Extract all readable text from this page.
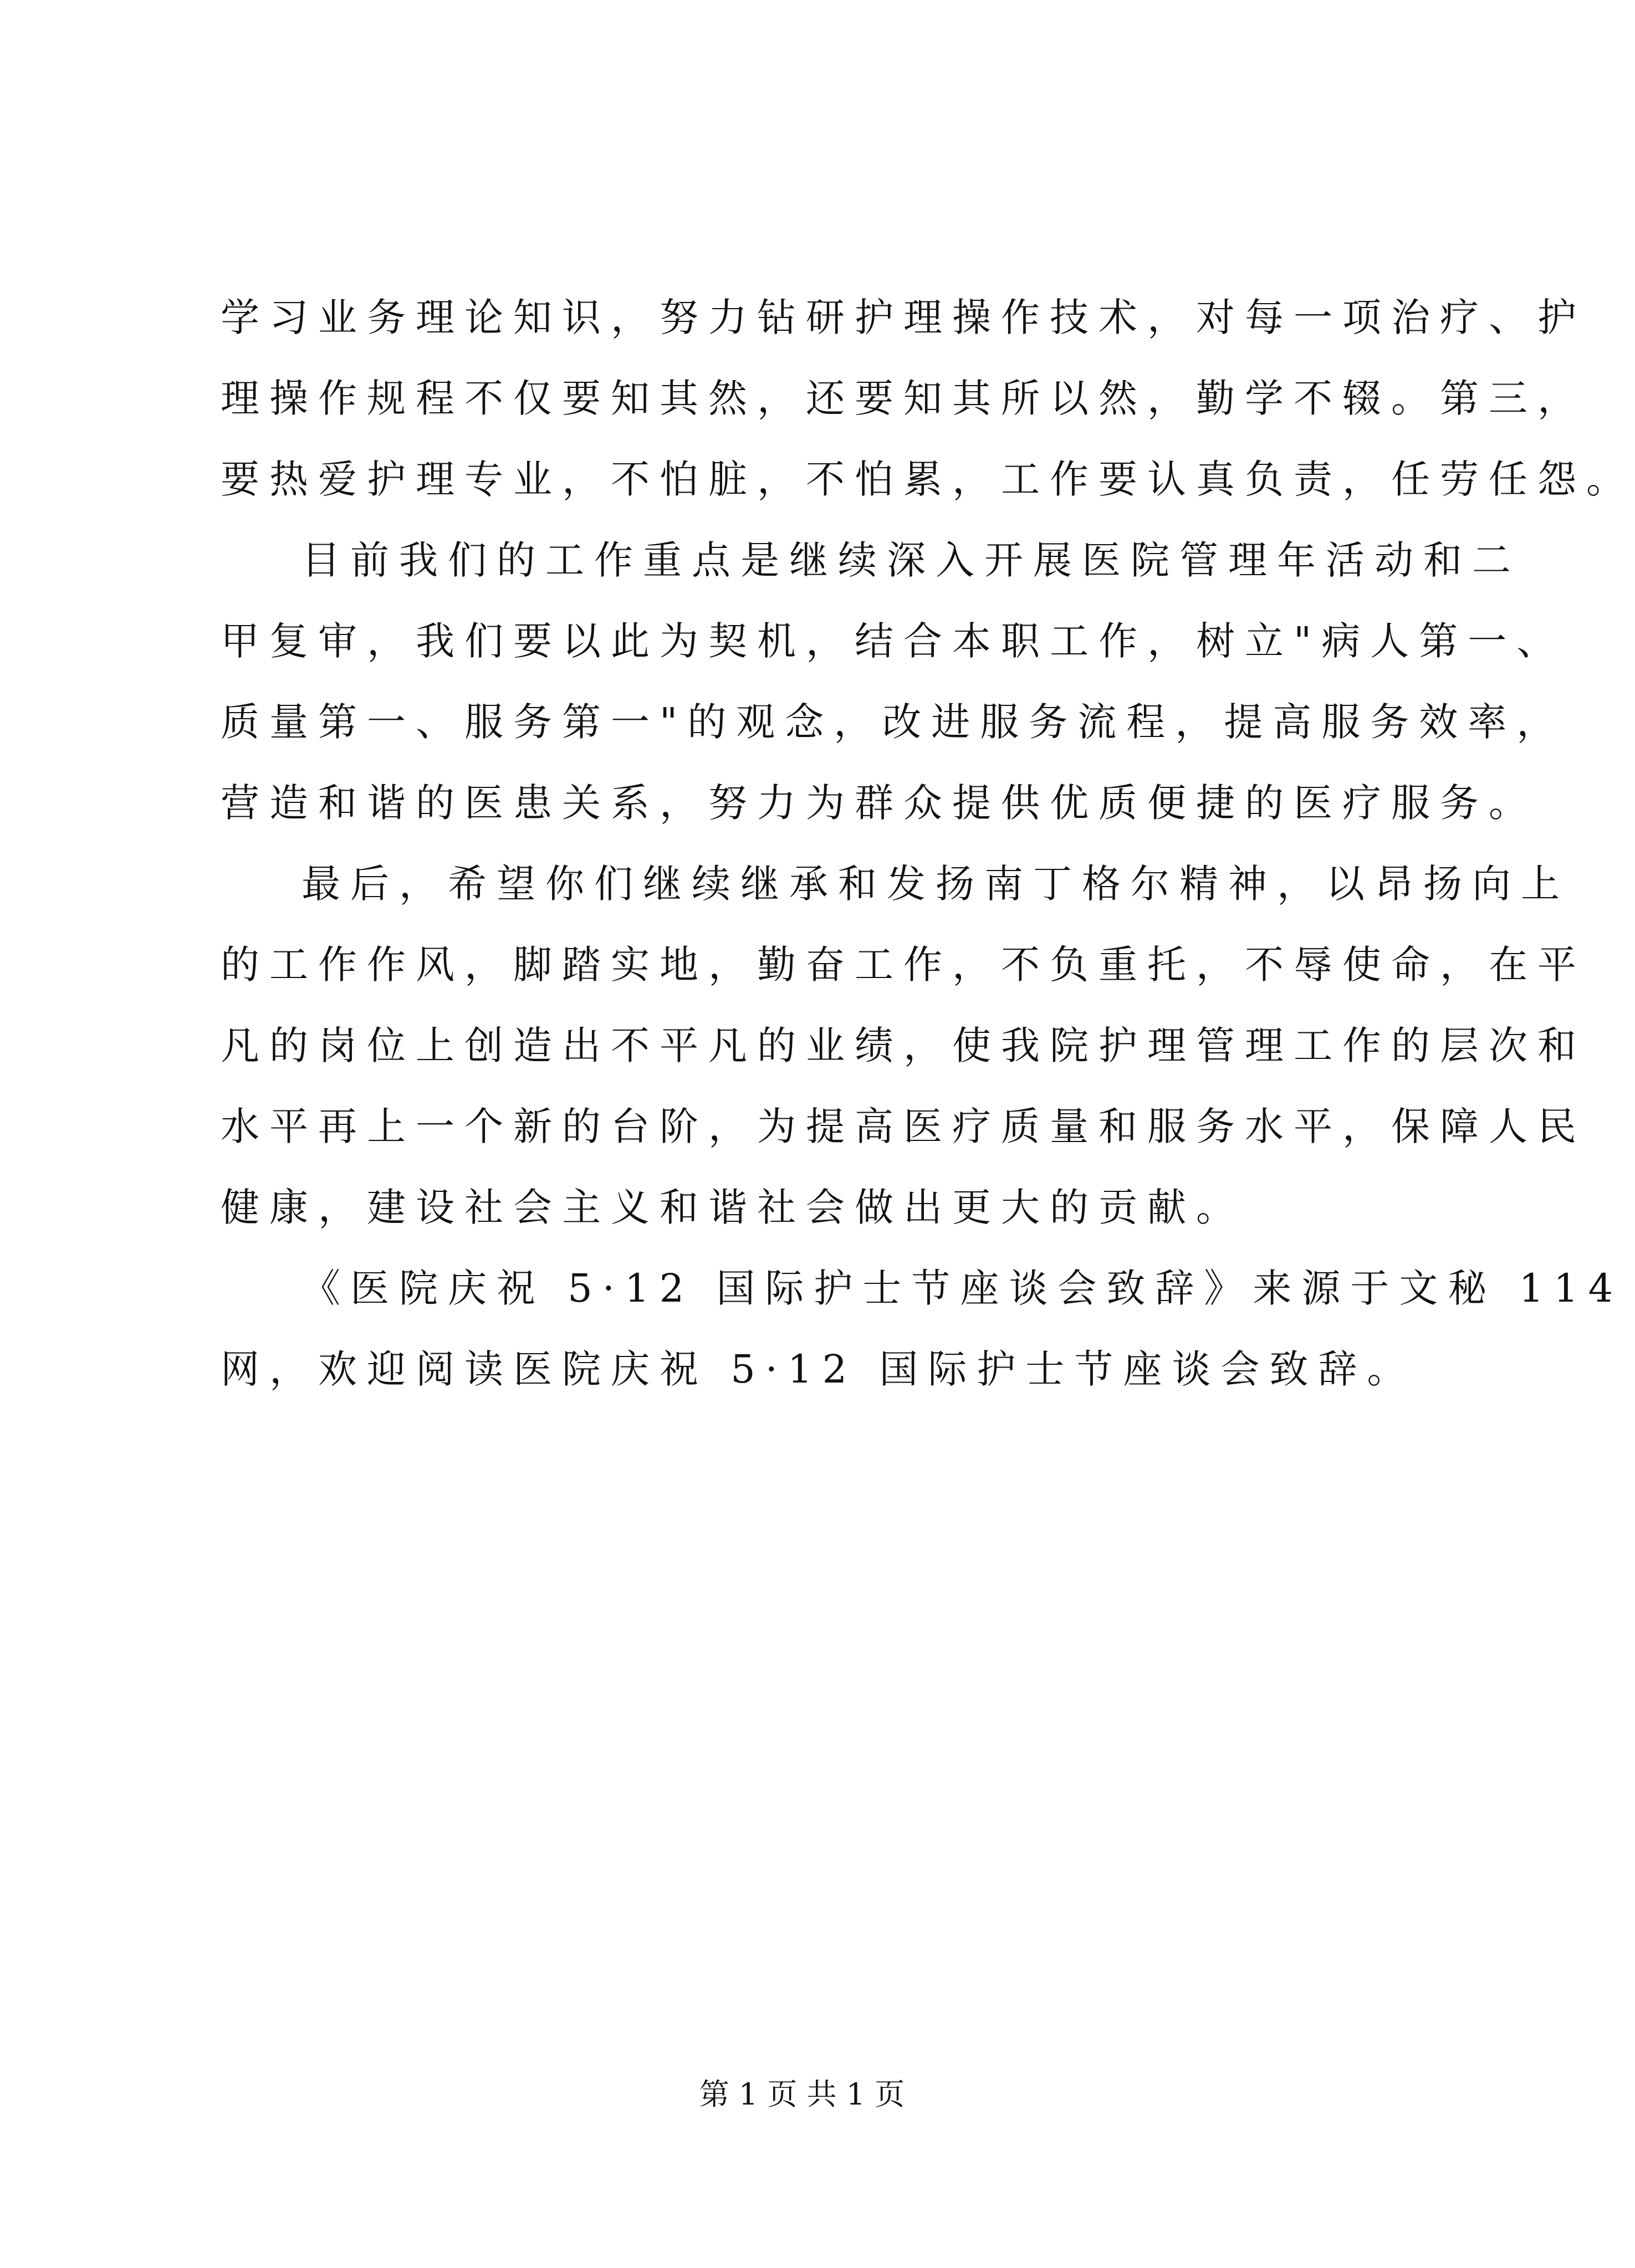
学习业务理论知识，努力钻研护理操作技术，对每一项治疗、护
理操作规程不仅要知其然，还要知其所以然，勤学不辍。第三，
要热爱护理专业，不怕脏，不怕累，工作要认真负责，任劳任怨。
目前我们的工作重点是继续深入开展医院管理年活动和二
甲复审，我们要以此为契机，结合本职工作，树立"病人第一、
质量第一、服务第一"的观念，改进服务流程，提高服务效率，
营造和谐的医患关系，努力为群众提供优质便捷的医疗服务。
最后，希望你们继续继承和发扬南丁格尔精神，以昂扬向上
的工作作风，脚踏实地，勤奋工作，不负重托，不辱使命，在平
凡的岗位上创造出不平凡的业绩，使我院护理管理工作的层次和
水平再上一个新的台阶，为提高医疗质量和服务水平，保障人民
健康，建设社会主义和谐社会做出更大的贡献。
《医院庆祝 5·12 国际护士节座谈会致辞》来源于文秘 114
网，欢迎阅读医院庆祝 5·12 国际护士节座谈会致辞。
第 1 页 共 1 页
